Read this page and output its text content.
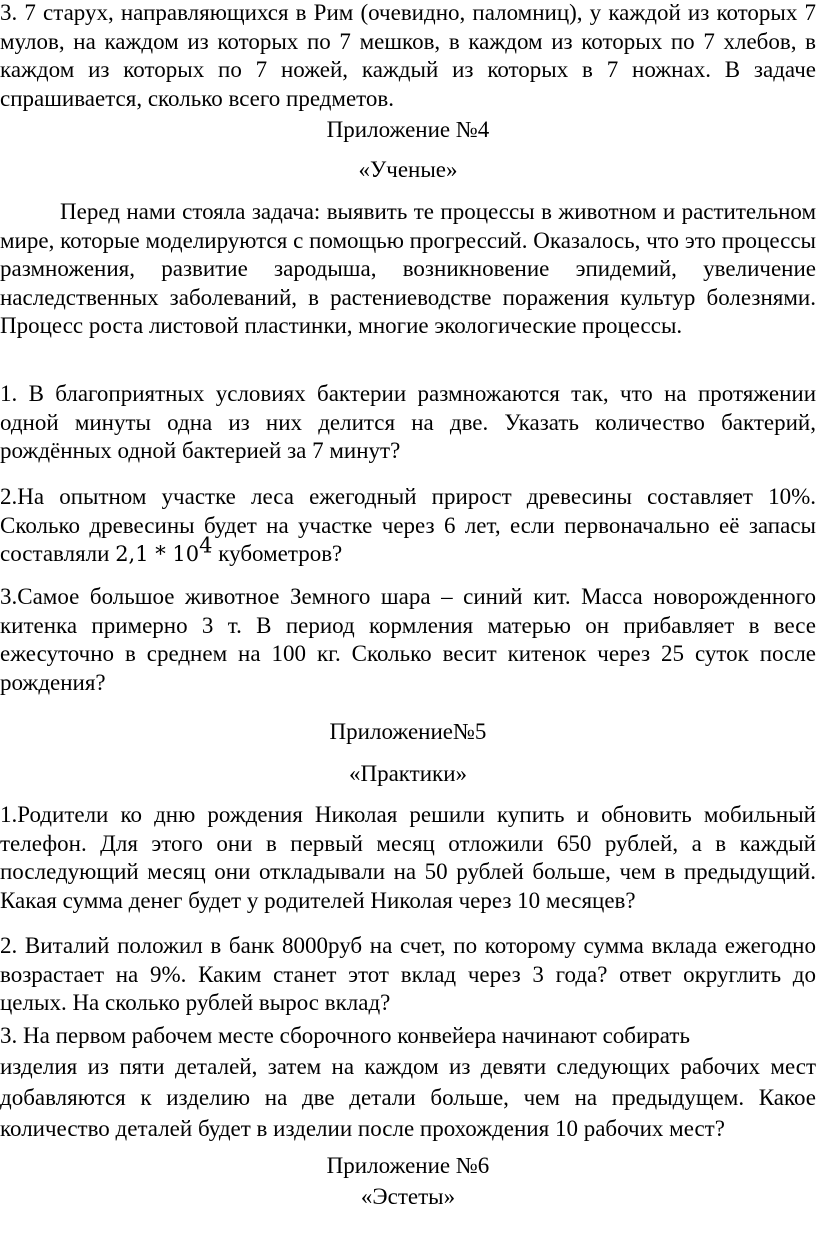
3. 7 старух, направляющихся в Рим (очевидно, паломниц), у каждой из которых 7 мулов, на каждом из которых по 7 мешков, в каждом из которых по 7 хлебов, в каждом из которых по 7 ножей, каждый из которых в 7 ножнах. В задаче спрашивается, сколько всего предметов.
Приложение №4
«Ученые»
Перед нами стояла задача: выявить те процессы в животном и растительном мире, которые моделируются с помощью прогрессий. Оказалось, что это процессы размножения, развитие зародыша, возникновение эпидемий, увеличение наследственных заболеваний, в растениеводстве поражения культур болезнями. Процесс роста листовой пластинки, многие экологические процессы.
1. В благоприятных условиях бактерии размножаются так, что на протяжении одной минуты одна из них делится на две. Указать количество бактерий, рождённых одной бактерией за 7 минут?
2.На опытном участке леса ежегодный прирост древесины составляет 10%. Сколько древесины будет на участке через 6 лет, если первоначально её запасы составляли $2,1 * 10^4$ кубометров?
3.Самое большое животное Земного шара – синий кит. Масса новорожденного китенка примерно 3 т. В период кормления матерью он прибавляет в весе ежесуточно в среднем на 100 кг. Сколько весит китенок через 25 суток после рождения?
Приложение№5
«Практики»
1.Родители ко дню рождения Николая решили купить и обновить мобильный телефон. Для этого они в первый месяц отложили 650 рублей, а в каждый последующий месяц они откладывали на 50 рублей больше, чем в предыдущий. Какая сумма денег будет у родителей Николая через 10 месяцев?
2. Виталий положил в банк 8000руб на счет, по которому сумма вклада ежегодно возрастает на 9%. Каким станет этот вклад через 3 года? ответ округлить до целых. На сколько рублей вырос вклад?
3. На первом рабочем месте сборочного конвейера начинают собирать
изделия из пяти деталей, затем на каждом из девяти следующих рабочих мест добавляются к изделию на две детали больше, чем на предыдущем. Какое количество деталей будет в изделии после прохождения 10 рабочих мест?
Приложение №6
«Эстеты»
